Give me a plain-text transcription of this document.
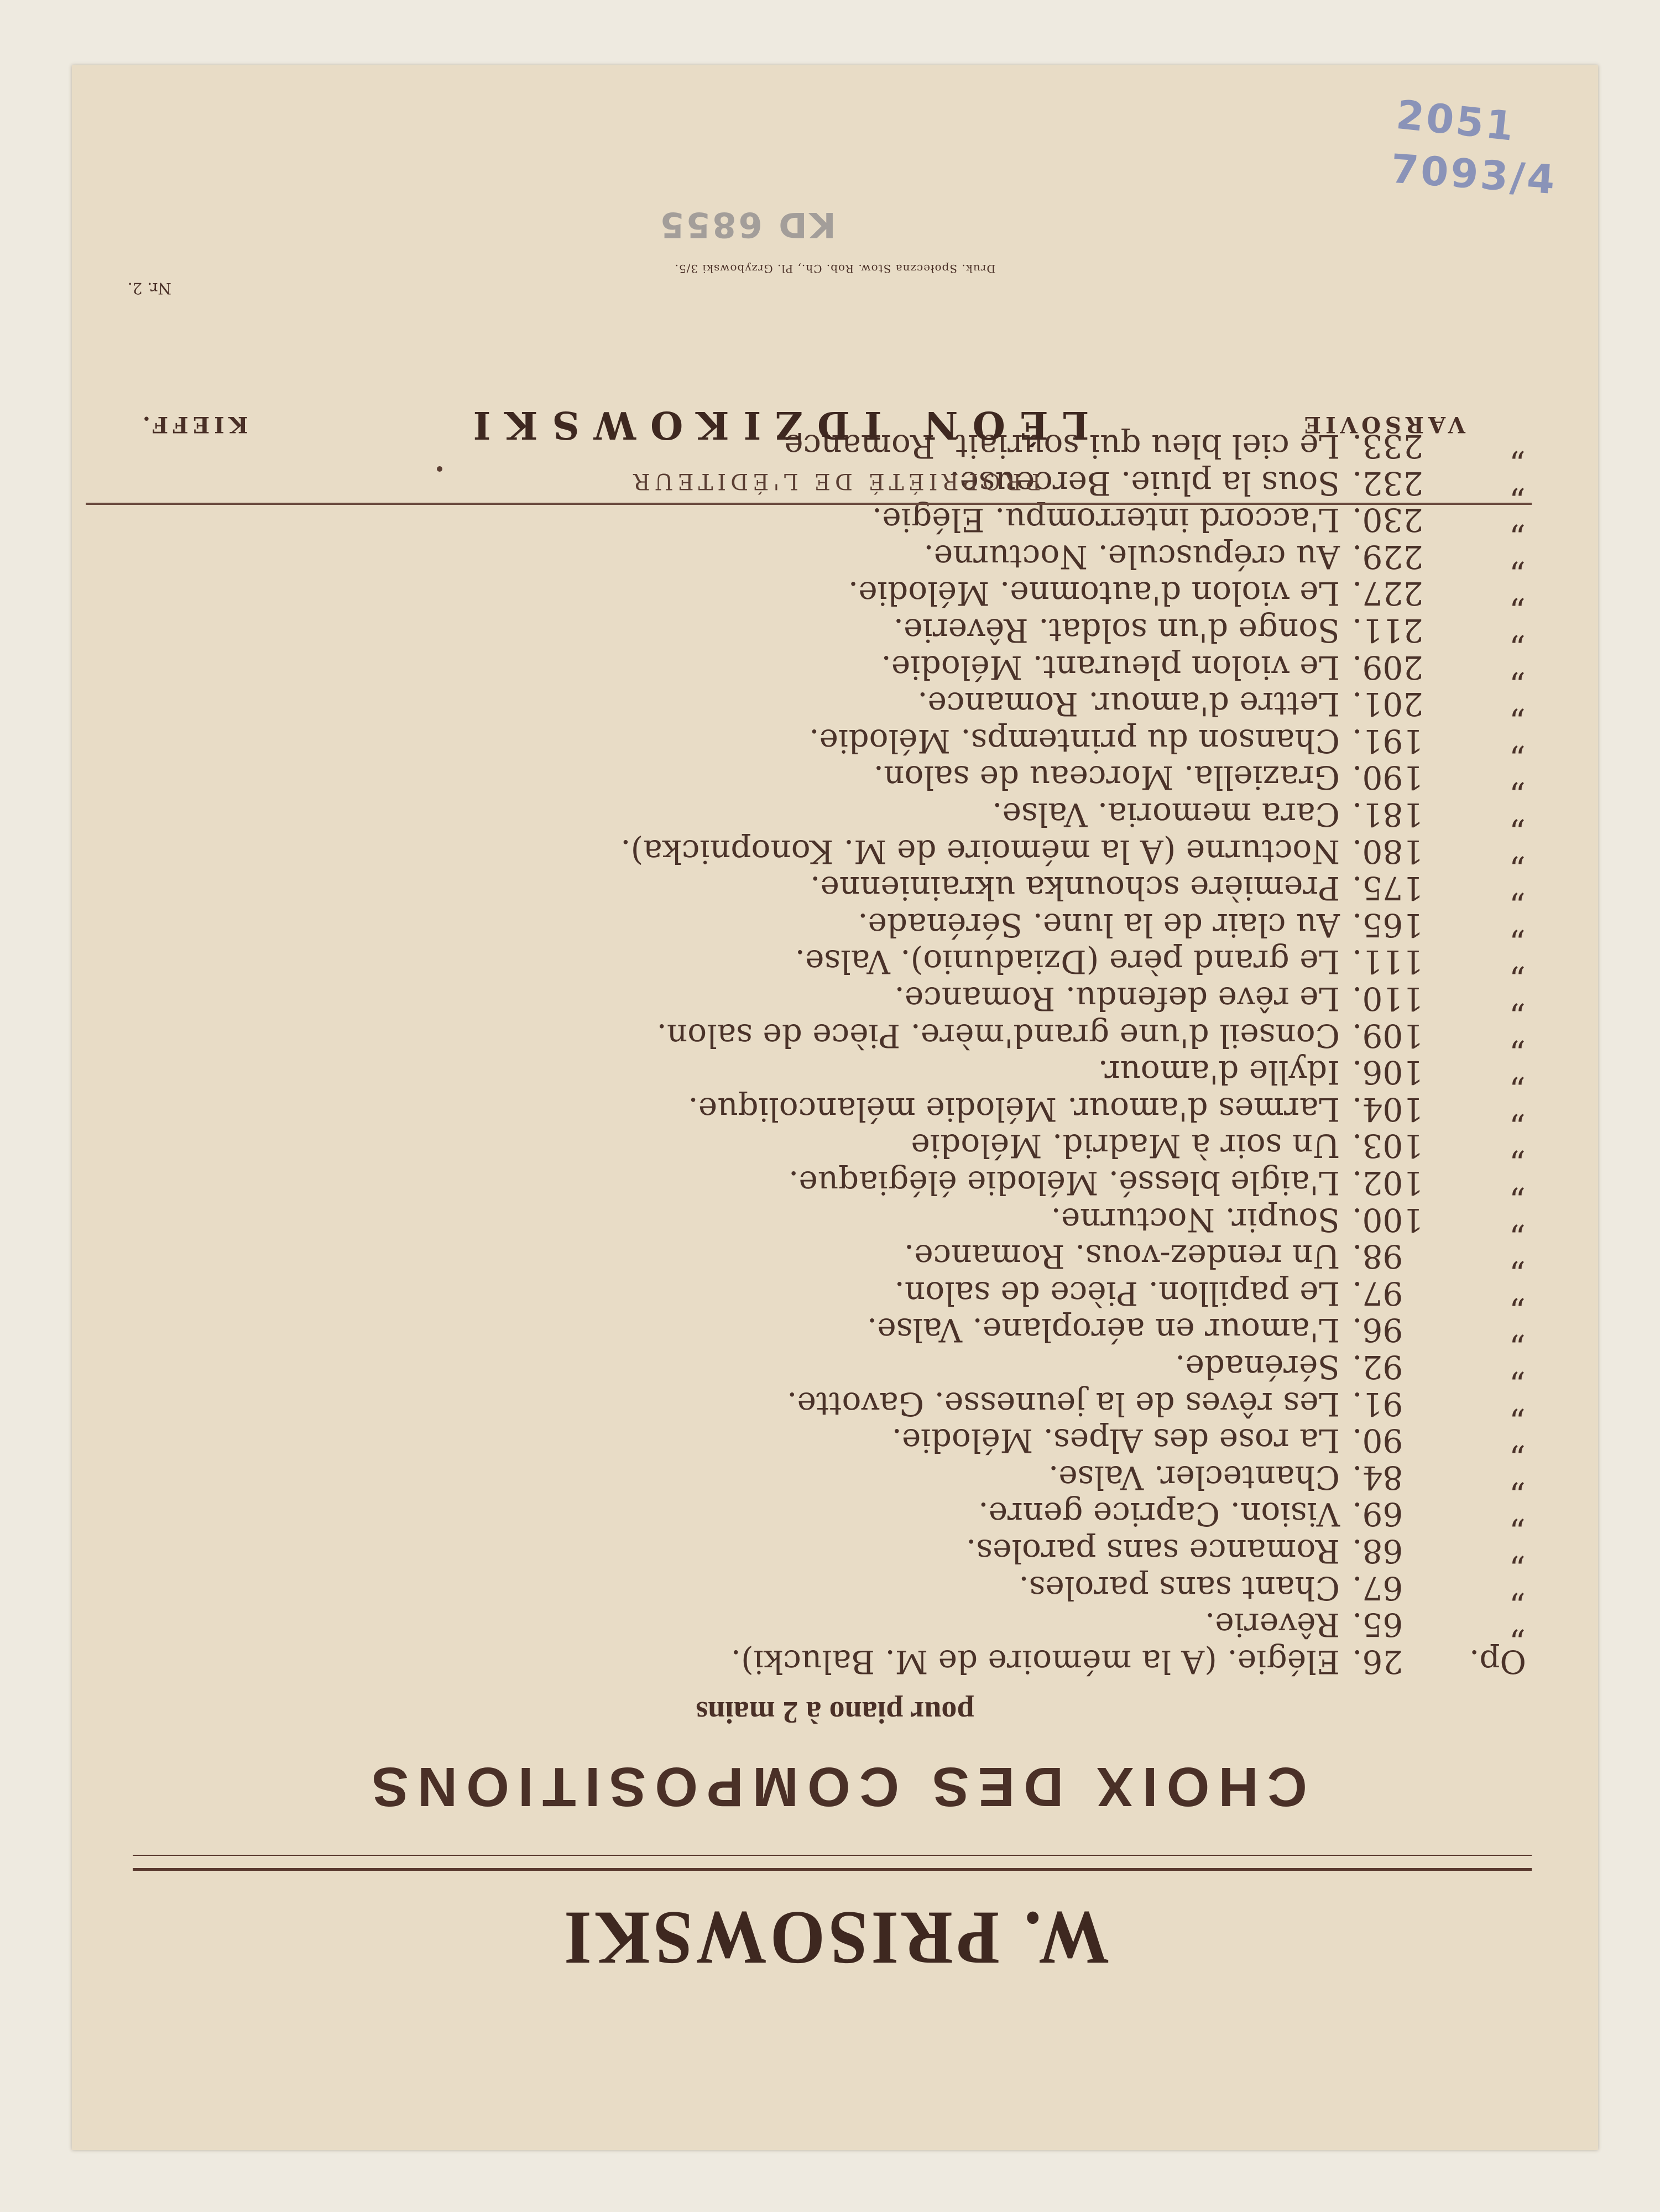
W. PRISOWSKI
CHOIX DES COMPOSITIONS
pour piano à 2 mains
Op.
26.
Elégie. (A la mémoire de M. Balucki).
”
65.
Rêverie.
”
67.
Chant sans paroles.
”
68.
Romance sans paroles.
”
69.
Vision. Caprice genre.
”
84.
Chantecler. Valse.
”
90.
La rose des Alpes. Mélodie.
”
91.
Les rêves de la jeunesse. Gavotte.
”
92.
Sérénade.
”
96.
L'amour en aéroplane. Valse.
”
97.
Le papillon. Pièce de salon.
”
98.
Un rendez-vous. Romance.
”
100.
Soupir. Nocturne.
”
102.
L'aigle blessé. Mélodie élégiaque.
”
103.
Un soir à Madrid. Mélodie
”
104.
Larmes d'amour. Mélodie mélancolique.
”
106.
Idylle d'amour.
”
109.
Conseil d'une grand'mère. Pièce de salon.
”
110.
Le rêve defendu. Romance.
”
111.
Le grand père (Dziadunio). Valse.
”
165.
Au clair de la lune. Sérénade.
”
175.
Première schounka ukrainienne.
”
180.
Nocturne (A la mémoire de M. Konopnicka).
”
181.
Cara memoria. Valse.
”
190.
Graziella. Morceau de salon.
”
191.
Chanson du printemps. Mélodie.
”
201.
Lettre d'amour. Romance.
”
209.
Le violon pleurant. Mélodie.
”
211.
Songe d'un soldat. Rêverie.
”
227.
Le violon d'automne. Mélodie.
”
229.
Au crépuscule. Nocturne.
”
230.
L'accord interrompu. Elégie.
”
232.
Sous la pluie. Berceuse.
”
233.
Le ciel bleu qui souriait. Romance.
PROPRIÉTÉ DE L'ÉDITEUR
VARSOVIE
LÉON IDZIKOWSKI
KIEFF.
Nr. 2.
Druk. Społeczna Stow. Rob. Ch., Pl. Grzybowski 3/5.
2051
7093/4
KD 6855
